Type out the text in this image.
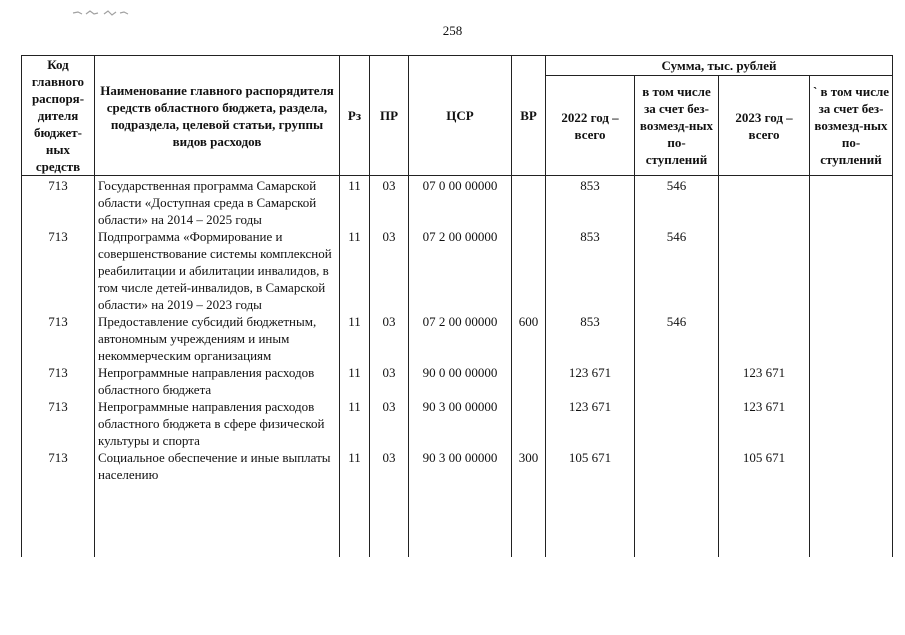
258
Код главного распоря-дителя бюджет-ных средств	Наименование главного распорядителя средств областного бюджета, раздела, подраздела, целевой статьи, группы видов расходов	Рз	ПР	ЦСР	ВР	Сумма, тыс. рублей			
						2022 год – всего	в том числе за счет без-возмезд-ных по-ступлений	2023 год – всего	` в том числе за счет без-возмезд-ных по-ступлений
713	Государственная программа Самарской области «Доступная среда в Самарской области» на 2014 – 2025 годы	11	03	07 0 00 00000		853	546		
713	Подпрограмма «Формирование и совершенствование системы комплексной реабилитации и абилитации инвалидов, в том числе детей-инвалидов, в Самарской области» на 2019 – 2023 годы	11	03	07 2 00 00000		853	546		
713	Предоставление субсидий бюджетным, автономным учреждениям и иным некоммерческим организациям	11	03	07 2 00 00000	600	853	546		
713	Непрограммные направления расходов областного бюджета	11	03	90 0 00 00000		123 671		123 671	
713	Непрограммные направления расходов областного бюджета в сфере физической культуры и спорта	11	03	90 3 00 00000		123 671		123 671	
713	Социальное обеспечение и иные выплаты населению	11	03	90 3 00 00000	300	105 671		105 671	
